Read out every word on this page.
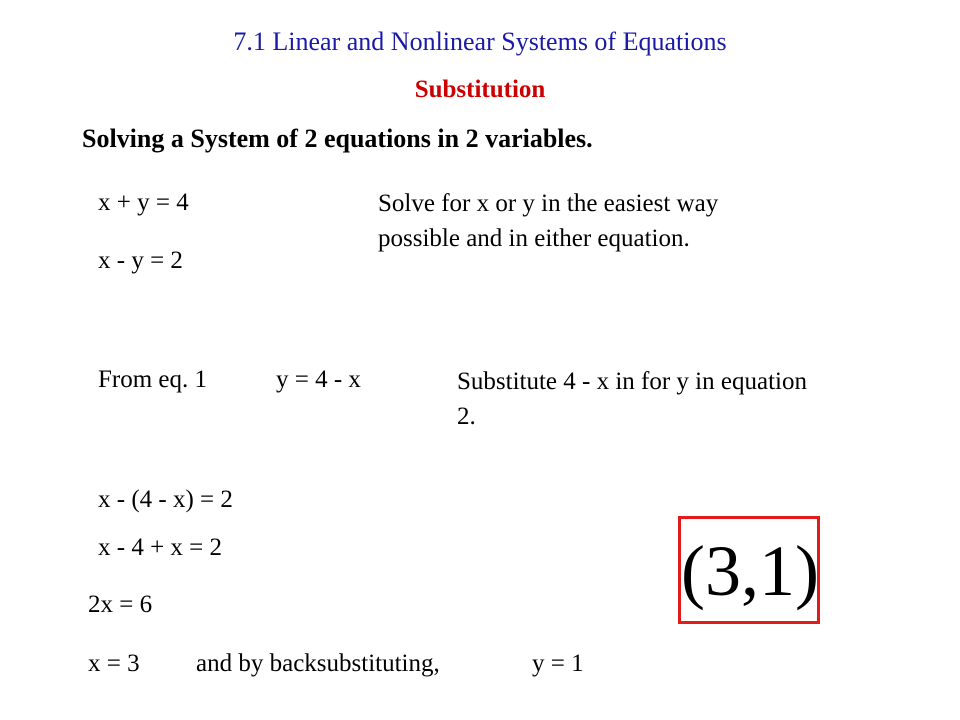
7.1 Linear and Nonlinear Systems of Equations
Substitution
Solving a System of 2 equations in 2 variables.
x + y = 4
x - y = 2
Solve for x or y in the easiest way possible and in either equation.
From eq. 1	y = 4 - x	Substitute 4 - x in for y in equation 2.
x - (4 - x) = 2
x - 4 + x = 2
2x = 6
x = 3 and by backsubstituting,	y = 1
(3,1)
